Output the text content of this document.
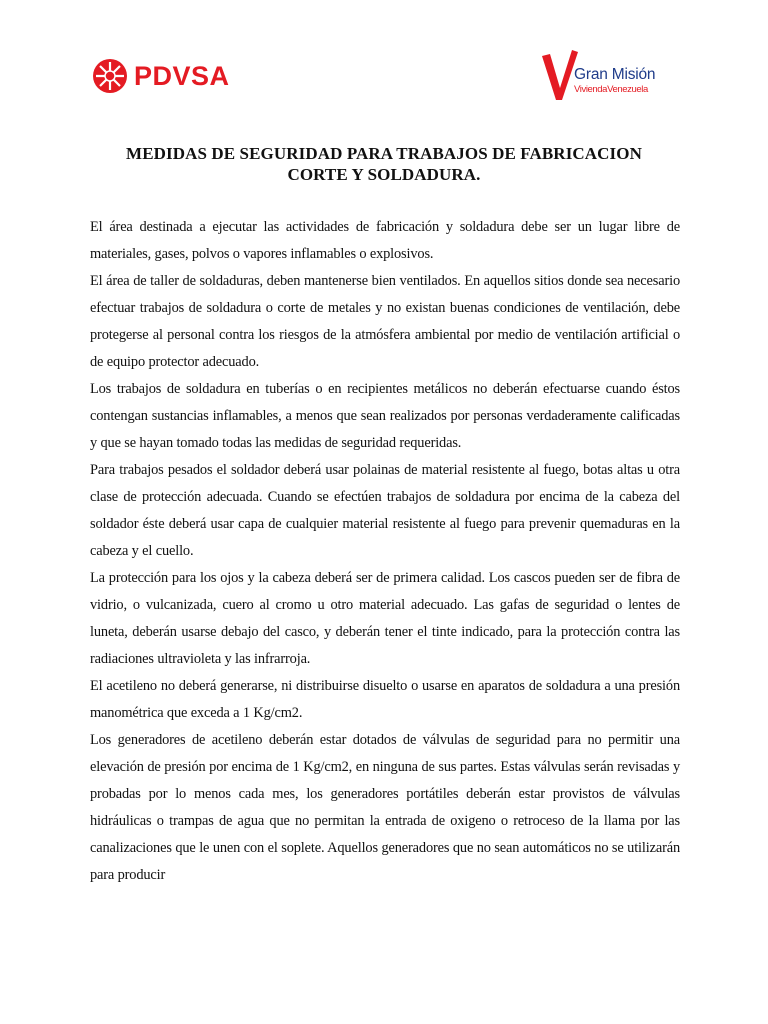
PDVSA	Gran Misión
ViviendaVenezuela
MEDIDAS DE SEGURIDAD PARA TRABAJOS DE FABRICACION
CORTE Y SOLDADURA.

El área destinada a ejecutar las actividades de fabricación y soldadura debe ser un lugar libre de materiales, gases, polvos o vapores inflamables o explosivos.

El área de taller de soldaduras, deben mantenerse bien ventilados. En aquellos sitios donde sea necesario efectuar trabajos de soldadura o corte de metales y no existan buenas condiciones de ventilación, debe protegerse al personal contra los riesgos de la atmósfera ambiental por medio de ventilación artificial o de equipo protector adecuado.

Los trabajos de soldadura en tuberías o en recipientes metálicos no deberán efectuarse cuando éstos contengan sustancias inflamables, a menos que sean realizados por personas verdaderamente calificadas y que se hayan tomado todas las medidas de seguridad requeridas.

Para trabajos pesados el soldador deberá usar polainas de material resistente al fuego, botas altas u otra clase de protección adecuada. Cuando se efectúen trabajos de soldadura por encima de la cabeza del soldador éste deberá usar capa de cualquier material resistente al fuego para prevenir quemaduras en la cabeza y el cuello.

La protección para los ojos y la cabeza deberá ser de primera calidad. Los cascos pueden ser de fibra de vidrio, o vulcanizada, cuero al cromo u otro material adecuado. Las gafas de seguridad o lentes de luneta, deberán usarse debajo del casco, y deberán tener el tinte indicado, para la protección contra las radiaciones ultravioleta y las infrarroja.

El acetileno no deberá generarse, ni distribuirse disuelto o usarse en aparatos de soldadura a una presión manométrica que exceda a 1 Kg/cm2.

Los generadores de acetileno deberán estar dotados de válvulas de seguridad para no permitir una elevación de presión por encima de 1 Kg/cm2, en ninguna de sus partes. Estas válvulas serán revisadas y probadas por lo menos cada mes, los generadores portátiles deberán estar provistos de válvulas hidráulicas o trampas de agua que no permitan la entrada de oxigeno o retroceso de la llama por las canalizaciones que le unen con el soplete. Aquellos generadores que no sean automáticos no se utilizarán para producir
